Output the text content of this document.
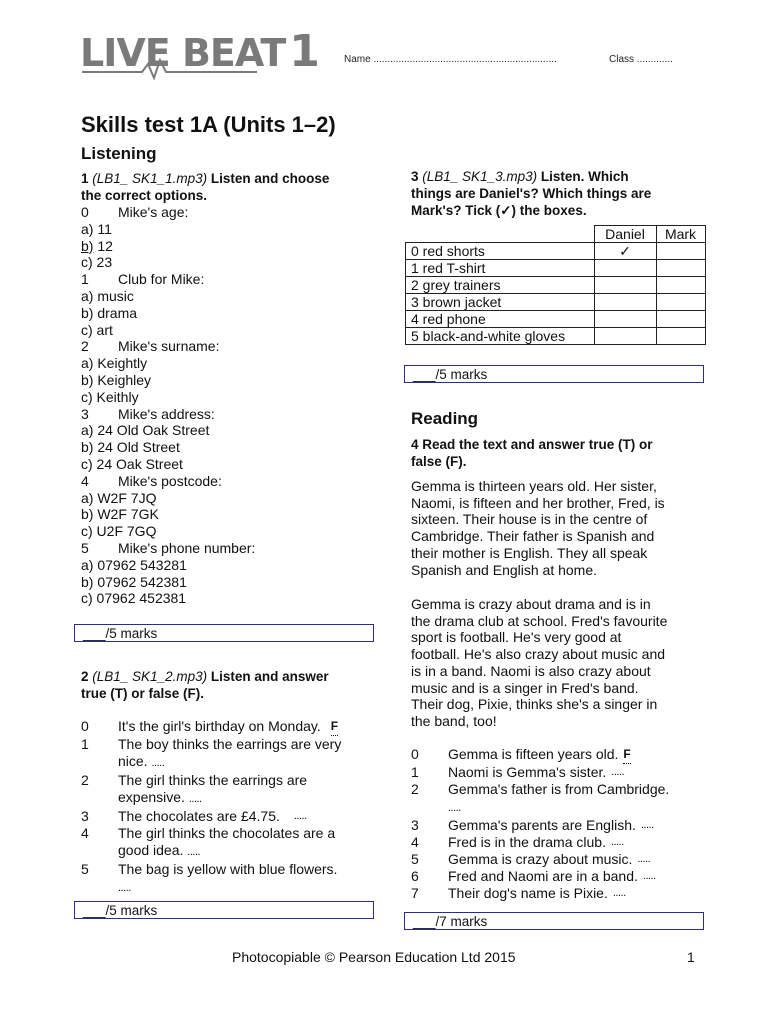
LIVE BEAT1	Name ..................................................................	Class .............
Skills test 1A (Units 1–2)
Listening
1 (LB1_ SK1_1.mp3) Listen and choose
the correct options.
0	Mike's age:
a) 11
b) 12
c) 23
1	Club for Mike:
a) music
b) drama
c) art
2	Mike's surname:
a) Keightly
b) Keighley
c) Keithly
3	Mike's address:
a) 24 Old Oak Street
b) 24 Old Street
c) 24 Oak Street
4	Mike's postcode:
a) W2F 7JQ
b) W2F 7GK
c) U2F 7GQ
5	Mike's phone number:
a) 07962 543281
b) 07962 542381
c) 07962 452381
___/5 marks
2 (LB1_ SK1_2.mp3) Listen and answer
true (T) or false (F).
0	It's the girl's birthday on Monday. F
1	The boy thinks the earrings are very
nice. .....
2	The girl thinks the earrings are
expensive. .....
3	The chocolates are £4.75. .....
4	The girl thinks the chocolates are a
good idea. .....
5	The bag is yellow with blue flowers.
.....
___/5 marks
3 (LB1_ SK1_3.mp3) Listen. Which
things are Daniel's? Which things are
Mark's? Tick (✓) the boxes.
	Daniel	Mark
0 red shorts	✓	
1 red T-shirt		
2 grey trainers		
3 brown jacket		
4 red phone		
5 black-and-white gloves		
___/5 marks
Reading
4 Read the text and answer true (T) or
false (F).
Gemma is thirteen years old. Her sister,
Naomi, is fifteen and her brother, Fred, is
sixteen. Their house is in the centre of
Cambridge. Their father is Spanish and
their mother is English. They all speak
Spanish and English at home.
Gemma is crazy about drama and is in
the drama club at school. Fred's favourite
sport is football. He's very good at
football. He's also crazy about music and
is in a band. Naomi is also crazy about
music and is a singer in Fred's band.
Their dog, Pixie, thinks she's a singer in
the band, too!
0	Gemma is fifteen years old. F
1	Naomi is Gemma's sister. .....
2	Gemma's father is from Cambridge.
.....
3	Gemma's parents are English. .....
4	Fred is in the drama club. .....
5	Gemma is crazy about music. .....
6	Fred and Naomi are in a band. .....
7	Their dog's name is Pixie. .....
___/7 marks
Photocopiable © Pearson Education Ltd 2015	1
